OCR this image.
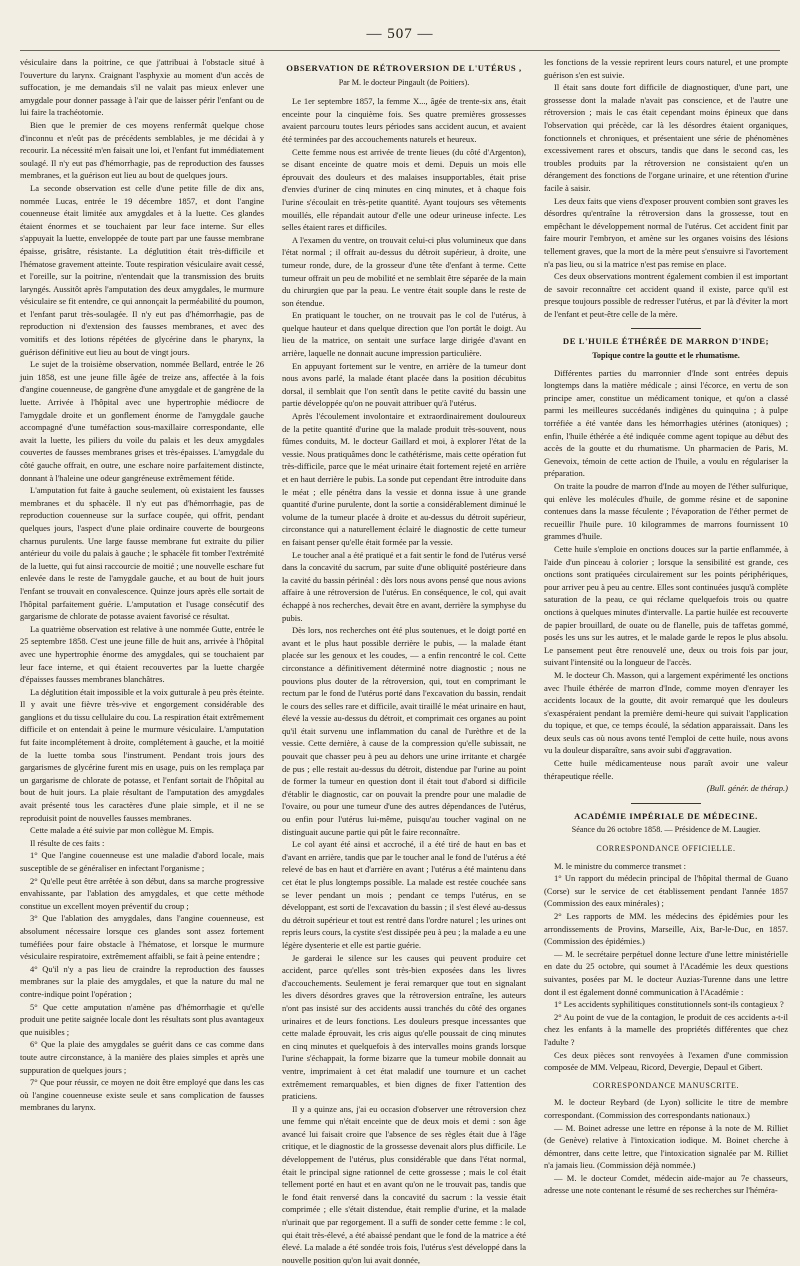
— 507 —

vésiculaire dans la poitrine, ce que j'attribuai à l'obstacle situé à l'ouverture du larynx. Craignant l'asphyxie au moment d'un accès de suffocation, je me demandais s'il ne valait pas mieux enlever une amygdale pour donner passage à l'air que de laisser périr l'enfant ou de lui faire la trachéotomie.

Bien que le premier de ces moyens renfermât quelque chose d'inconnu et n'eût pas de précédents semblables, je me décidai à y recourir. La nécessité m'en faisait une loi, et l'enfant fut immédiatement soulagé. Il n'y eut pas d'hémorrhagie, pas de reproduction des fausses membranes, et la guérison eut lieu au bout de quelques jours.

La seconde observation est celle d'une petite fille de dix ans, nommée Lucas, entrée le 19 décembre 1857, et dont l'angine couenneuse était limitée aux amygdales et à la luette. Ces glandes étaient énormes et se touchaient par leur face interne. Sur elles s'appuyait la luette, enveloppée de toute part par une fausse membrane épaisse, grisâtre, résistante. La déglutition était très-difficile et l'hématose gravement atteinte. Toute respiration vésiculaire avait cessé, et l'oreille, sur la poitrine, n'entendait que la transmission des bruits laryngés. Aussitôt après l'amputation des deux amygdales, le murmure vésiculaire se fit entendre, ce qui annonçait la perméabilité du poumon, et l'enfant parut très-soulagée. Il n'y eut pas d'hémorrhagie, pas de reproduction ni d'extension des fausses membranes, et avec des vomitifs et des lotions répétées de glycérine dans le pharynx, la guérison définitive eut lieu au bout de vingt jours.

Le sujet de la troisième observation, nommée Bellard, entrée le 26 juin 1858, est une jeune fille âgée de treize ans, affectée à la fois d'angine couenneuse, de gangrène d'une amygdale et de gangrène de la luette. Arrivée à l'hôpital avec une hypertrophie médiocre de l'amygdale droite et un gonflement énorme de l'amygdale gauche accompagné d'une tuméfaction sous-maxillaire correspondante, elle avait la luette, les piliers du voile du palais et les deux amygdales couvertes de fausses membranes grises et très-épaisses. L'amygdale du côté gauche offrait, en outre, une eschare noire parfaitement distincte, donnant à l'haleine une odeur gangréneuse extrêmement fétide.

L'amputation fut faite à gauche seulement, où existaient les fausses membranes et du sphacèle. Il n'y eut pas d'hémorrhagie, pas de reproduction couenneuse sur la surface coupée, qui offrit, pendant quelques jours, l'aspect d'une plaie ordinaire couverte de bourgeons charnus purulents. Une large fausse membrane fut extraite du pilier antérieur du voile du palais à gauche ; le sphacèle fit tomber l'extrémité de la luette, qui fut ainsi raccourcie de moitié ; une nouvelle eschare fut enlevée dans le reste de l'amygdale gauche, et au bout de huit jours l'enfant se trouvait en convalescence. Quinze jours après elle sortait de l'hôpital parfaitement guérie. L'amputation et l'usage consécutif des gargarisme de chlorate de potasse avaient favorisé ce résultat.

La quatrième observation est relative à une nommée Gutte, entrée le 25 septembre 1858. C'est une jeune fille de huit ans, arrivée à l'hôpital avec une hypertrophie énorme des amygdales, qui se touchaient par leur face interne, et qui étaient recouvertes par la luette chargée d'épaisses fausses membranes blanchâtres.

La déglutition était impossible et la voix gutturale à peu près éteinte. Il y avait une fièvre très-vive et engorgement considérable des ganglions et du tissu cellulaire du cou. La respiration était extrêmement difficile et on entendait à peine le murmure vésiculaire. L'amputation fut faite incomplétement à droite, complétement à gauche, et la moitié de la luette tomba sous l'instrument. Pendant trois jours des gargarismes de glycérine furent mis en usage, puis on les remplaça par un gargarisme de chlorate de potasse, et l'enfant sortait de l'hôpital au bout de huit jours. La plaie résultant de l'amputation des amygdales avait présenté tous les caractères d'une plaie simple, et il ne se reproduisit point de nouvelles fausses membranes.

Cette malade a été suivie par mon collègue M. Empis.

Il résulte de ces faits :

1° Que l'angine couenneuse est une maladie d'abord locale, mais susceptible de se généraliser en infectant l'organisme ;

2° Qu'elle peut être arrêtée à son début, dans sa marche progressive envahissante, par l'ablation des amygdales, et que cette méthode constitue un excellent moyen préventif du croup ;

3° Que l'ablation des amygdales, dans l'angine couenneuse, est absolument nécessaire lorsque ces glandes sont assez fortement tuméfiées pour faire obstacle à l'hématose, et lorsque le murmure vésiculaire respiratoire, extrêmement affaibli, se fait à peine entendre ;

4° Qu'il n'y a pas lieu de craindre la reproduction des fausses membranes sur la plaie des amygdales, et que la nature du mal ne contre-indique point l'opération ;

5° Que cette amputation n'amène pas d'hémorrhagie et qu'elle produit une petite saignée locale dont les résultats sont plus avantageux que nuisibles ;

6° Que la plaie des amygdales se guérit dans ce cas comme dans toute autre circonstance, à la manière des plaies simples et après une suppuration de quelques jours ;

7° Que pour réussir, ce moyen ne doit être employé que dans les cas où l'angine couenneuse existe seule et sans complication de fausses membranes du larynx.

OBSERVATION DE RÉTROVERSION DE L'UTÉRUS ,
Par M. le docteur Pingault (de Poitiers).

Le 1er septembre 1857, la femme X..., âgée de trente-six ans, était enceinte pour la cinquième fois. Ses quatre premières grossesses avaient parcouru toutes leurs périodes sans accident aucun, et avaient été terminées par des accouchements naturels et heureux.

Cette femme nous est arrivée de trente lieues (du côté d'Argenton), se disant enceinte de quatre mois et demi. Depuis un mois elle éprouvait des douleurs et des malaises insupportables, était prise d'envies d'uriner de cinq minutes en cinq minutes, et à chaque fois l'urine s'écoulait en très-petite quantité. Ayant toujours ses vêtements mouillés, elle répandait autour d'elle une odeur urineuse infecte. Les selles étaient rares et difficiles.

A l'examen du ventre, on trouvait celui-ci plus volumineux que dans l'état normal ; il offrait au-dessus du détroit supérieur, à droite, une tumeur ronde, dure, de la grosseur d'une tête d'enfant à terme. Cette tumeur offrait un peu de mobilité et ne semblait être séparée de la main du chirurgien que par la peau. Le ventre était souple dans le reste de son étendue.

En pratiquant le toucher, on ne trouvait pas le col de l'utérus, à quelque hauteur et dans quelque direction que l'on portât le doigt. Au lieu de la matrice, on sentait une surface large dirigée d'avant en arrière, laquelle ne donnait aucune impression particulière.

En appuyant fortement sur le ventre, en arrière de la tumeur dont nous avons parlé, la malade étant placée dans la position décubitus dorsal, il semblait que l'on sentît dans le petite cavité du bassin une partie développée qu'on ne pouvait attribuer qu'à l'utérus.

Après l'écoulement involontaire et extraordinairement douloureux de la petite quantité d'urine que la malade produit très-souvent, nous fûmes conduits, M. le docteur Gaillard et moi, à explorer l'état de la vessie. Nous pratiquâmes donc le cathétérisme, mais cette opération fut très-difficile, parce que le méat urinaire était fortement rejeté en arrière et en haut derrière le pubis. La sonde put cependant être introduite dans le méat ; elle pénétra dans la vessie et donna issue à une grande quantité d'urine purulente, dont la sortie a considérablement diminué le volume de la tumeur placée à droite et au-dessus du détroit supérieur, circonstance qui a naturellement éclairé le diagnostic de cette tumeur en faisant penser qu'elle était formée par la vessie.

Le toucher anal a été pratiqué et a fait sentir le fond de l'utérus versé dans la concavité du sacrum, par suite d'une obliquité postérieure dans la cavité du bassin périnéal : dès lors nous avons pensé que nous avions affaire à une rétroversion de l'utérus. En conséquence, le col, qui avait échappé à nos recherches, devait être en avant, derrière la symphyse du pubis.

Dès lors, nos recherches ont été plus soutenues, et le doigt porté en avant et le plus haut possible derrière le pubis, — la malade étant placée sur les genoux et les coudes, — a enfin rencontré le col. Cette circonstance a définitivement déterminé notre diagnostic ; nous ne pouvions plus douter de la rétroversion, qui, tout en comprimant le rectum par le fond de l'utérus porté dans l'excavation du bassin, rendait le cours des selles rare et difficile, avait tiraillé le méat urinaire en haut, élevé la vessie au-dessus du détroit, et comprimait ces organes au point qu'il était survenu une inflammation du canal de l'urèthre et de la vessie. Cette dernière, à cause de la compression qu'elle subissait, ne pouvait que chasser peu à peu au dehors une urine irritante et chargée de pus ; elle restait au-dessus du détroit, distendue par l'urine au point de former la tumeur en question dont il était tout d'abord si difficile d'établir le diagnostic, car on pouvait la prendre pour une maladie de l'ovaire, ou pour une tumeur d'une des autres dépendances de l'utérus, ou enfin pour l'utérus lui-même, puisqu'au toucher vaginal on ne distinguait aucune partie qui pût le faire reconnaître.

Le col ayant été ainsi et accroché, il a été tiré de haut en bas et d'avant en arrière, tandis que par le toucher anal le fond de l'utérus a été relevé de bas en haut et d'arrière en avant ; l'utérus a été maintenu dans cet état le plus longtemps possible. La malade est restée couchée sans se lever pendant un mois ; pendant ce temps l'utérus, en se développant, est sorti de l'excavation du bassin ; il s'est élevé au-dessus du détroit supérieur et tout est rentré dans l'ordre naturel ; les urines ont repris leurs cours, la cystite s'est dissipée peu à peu ; la malade a eu une légère dysenterie et elle est partie guérie.

Je garderai le silence sur les causes qui peuvent produire cet accident, parce qu'elles sont très-bien exposées dans les livres d'accouchements. Seulement je ferai remarquer que tout en signalant les divers désordres graves que la rétroversion entraîne, les auteurs n'ont pas insisté sur des accidents aussi tranchés du côté des organes urinaires et de leurs fonctions. Les douleurs presque incessantes que cette malade éprouvait, les cris aigus qu'elle poussait de cinq minutes en cinq minutes et quelquefois à des intervalles moins grands lorsque l'urine s'échappait, la forme bizarre que la tumeur mobile donnait au ventre, imprimaient à cet état maladif une tournure et un cachet extrêmement remarquables, et bien dignes de fixer l'attention des praticiens.

Il y a quinze ans, j'ai eu occasion d'observer une rétroversion chez une femme qui n'était enceinte que de deux mois et demi : son âge avancé lui faisait croire que l'absence de ses règles était due à l'âge critique, et le diagnostic de la grossesse devenait alors plus difficile. Le développement de l'utérus, plus considérable que dans l'état normal, était le principal signe rationnel de cette grossesse ; mais le col était tellement porté en haut et en avant qu'on ne le trouvait pas, tandis que le fond était renversé dans la concavité du sacrum : la vessie était comprimée ; elle s'était distendue, était remplie d'urine, et la malade n'urinait que par regorgement. Il a suffi de sonder cette femme : le col, qui était très-élevé, a été abaissé pendant que le fond de la matrice a été élevé. La malade a été sondée trois fois, l'utérus s'est développé dans la nouvelle position qu'on lui avait donnée,

les fonctions de la vessie reprirent leurs cours naturel, et une prompte guérison s'en est suivie.

Il était sans doute fort difficile de diagnostiquer, d'une part, une grossesse dont la malade n'avait pas conscience, et de l'autre une rétroversion ; mais le cas était cependant moins épineux que dans l'observation qui précède, car là les désordres étaient organiques, fonctionnels et chroniques, et présentaient une série de phénomènes excessivement rares et obscurs, tandis que dans le second cas, les troubles produits par la rétroversion ne consistaient qu'en un dérangement des fonctions de l'organe urinaire, et une rétention d'urine facile à saisir.

Les deux faits que viens d'exposer prouvent combien sont graves les désordres qu'entraîne la rétroversion dans la grossesse, tout en empêchant le développement normal de l'utérus. Cet accident finit par faire mourir l'embryon, et amène sur les organes voisins des lésions tellement graves, que la mort de la mère peut s'ensuivre si l'avortement n'a pas lieu, ou si la matrice n'est pas remise en place.

Ces deux observations montrent également combien il est important de savoir reconnaître cet accident quand il existe, parce qu'il est presque toujours possible de redresser l'utérus, et par là d'éviter la mort de l'enfant et peut-être celle de la mère.

DE L'HUILE ÉTHÉRÉE DE MARRON D'INDE;
Topique contre la goutte et le rhumatisme.

Différentes parties du marronnier d'Inde sont entrées depuis longtemps dans la matière médicale ; ainsi l'écorce, en vertu de son principe amer, constitue un médicament tonique, et qu'on a classé parmi les meilleures succédanés indigènes du quinquina ; à pulpe torréfiée a été vantée dans les hémorrhagies utérines (atoniques) ; enfin, l'huile éthérée a été indiquée comme agent topique au début des accès de la goutte et du rhumatisme. Un pharmacien de Paris, M. Genevoix, témoin de cette action de l'huile, a voulu en régulariser la préparation.

On traite la poudre de marron d'Inde au moyen de l'éther sulfurique, qui enlève les molécules d'huile, de gomme résine et de saponine contenues dans la masse féculente ; l'évaporation de l'éther permet de recueillir l'huile pure. 10 kilogrammes de marrons fournissent 10 grammes d'huile.

Cette huile s'emploie en onctions douces sur la partie enflammée, à l'aide d'un pinceau à colorier ; lorsque la sensibilité est grande, ces onctions sont pratiquées circulairement sur les points périphériques, pour arriver peu à peu au centre. Elles sont continuées jusqu'à complète saturation de la peau, ce qui réclame quelquefois trois ou quatre onctions à quelques minutes d'intervalle. La partie huilée est recouverte de papier brouillard, de ouate ou de flanelle, puis de taffetas gommé, posés les uns sur les autres, et le malade garde le repos le plus absolu. Le pansement peut être renouvelé une, deux ou trois fois par jour, suivant l'intensité ou la longueur de l'accès.

M. le docteur Ch. Masson, qui a largement expérimenté les onctions avec l'huile éthérée de marron d'Inde, comme moyen d'enrayer les accidents locaux de la goutte, dit avoir remarqué que les douleurs s'exaspéraient pendant la première demi-heure qui suivait l'application du topique, et que, ce temps écoulé, la sédation apparaissait. Dans les deux seuls cas où nous avons tenté l'emploi de cette huile, nous avons vu la douleur disparaître, sans avoir subi d'aggravation.

Cette huile médicamenteuse nous paraît avoir une valeur thérapeutique réelle.

(Bull. génér. de thérap.)

ACADÉMIE IMPÉRIALE DE MÉDECINE.
Séance du 26 octobre 1858. — Présidence de M. Laugier.
CORRESPONDANCE OFFICIELLE.

M. le ministre du commerce transmet :

1° Un rapport du médecin principal de l'hôpital thermal de Guano (Corse) sur le service de cet établissement pendant l'année 1857 (Commission des eaux minérales) ;

2° Les rapports de MM. les médecins des épidémies pour les arrondissements de Provins, Marseille, Aix, Bar-le-Duc, en 1857. (Commission des épidémies.)

— M. le secrétaire perpétuel donne lecture d'une lettre ministérielle en date du 25 octobre, qui soumet à l'Académie les deux questions suivantes, posées par M. le docteur Auzias-Turenne dans une lettre dont il est également donné communication à l'Académie :

1° Les accidents syphilitiques constitutionnels sont-ils contagieux ?

2° Au point de vue de la contagion, le produit de ces accidents a-t-il chez les enfants à la mamelle des propriétés différentes que chez l'adulte ?

Ces deux pièces sont renvoyées à l'examen d'une commission composée de MM. Velpeau, Ricord, Devergie, Depaul et Gibert.

CORRESPONDANCE MANUSCRITE.

M. le docteur Reybard (de Lyon) sollicite le titre de membre correspondant. (Commission des correspondants nationaux.)

— M. Boinet adresse une lettre en réponse à la note de M. Rilliet (de Genève) relative à l'intoxication iodique. M. Boinet cherche à démontrer, dans cette lettre, que l'intoxication signalée par M. Rilliet n'a jamais lieu. (Commission déjà nommée.)

— M. le docteur Comdet, médecin aide-major au 7e chasseurs, adresse une note contenant le résumé de ses recherches sur l'héméra-
